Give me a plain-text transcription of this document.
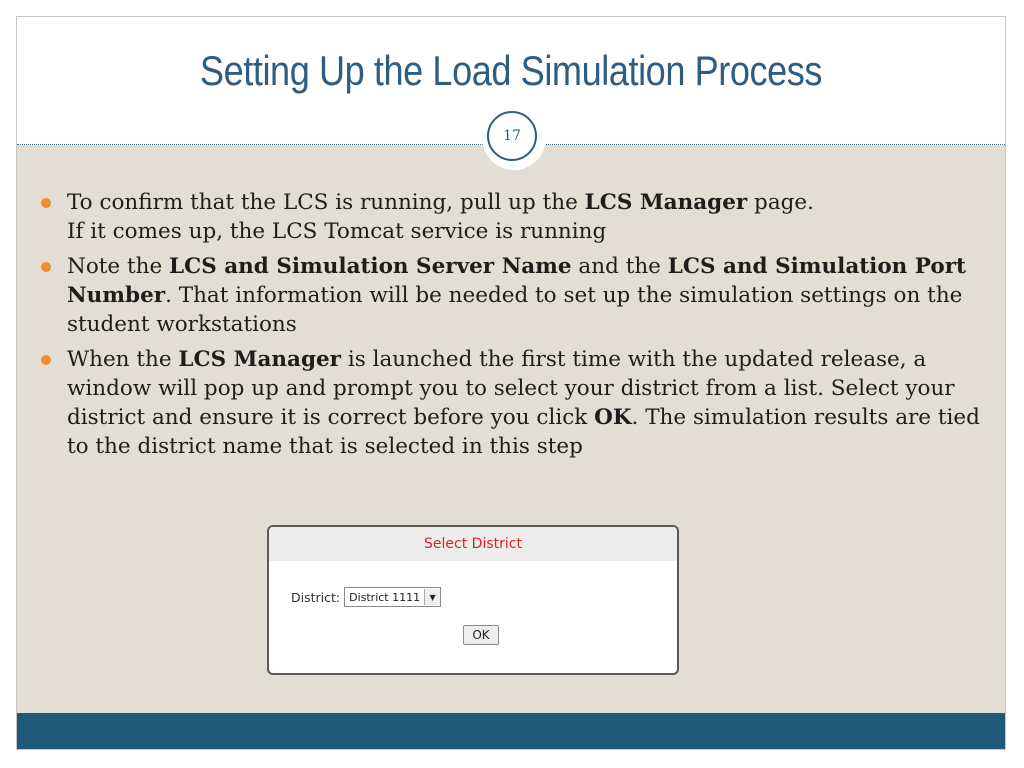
Setting Up the Load Simulation Process
17
To confirm that the LCS is running, pull up the LCS Manager page.
If it comes up, the LCS Tomcat service is running
Note the LCS and Simulation Server Name and the LCS and Simulation Port Number. That information will be needed to set up the simulation settings on the student workstations
When the LCS Manager is launched the first time with the updated release, a window will pop up and prompt you to select your district from a list. Select your district and ensure it is correct before you click OK. The simulation results are tied to the district name that is selected in this step
Select District
District: District 1111	▼
OK
